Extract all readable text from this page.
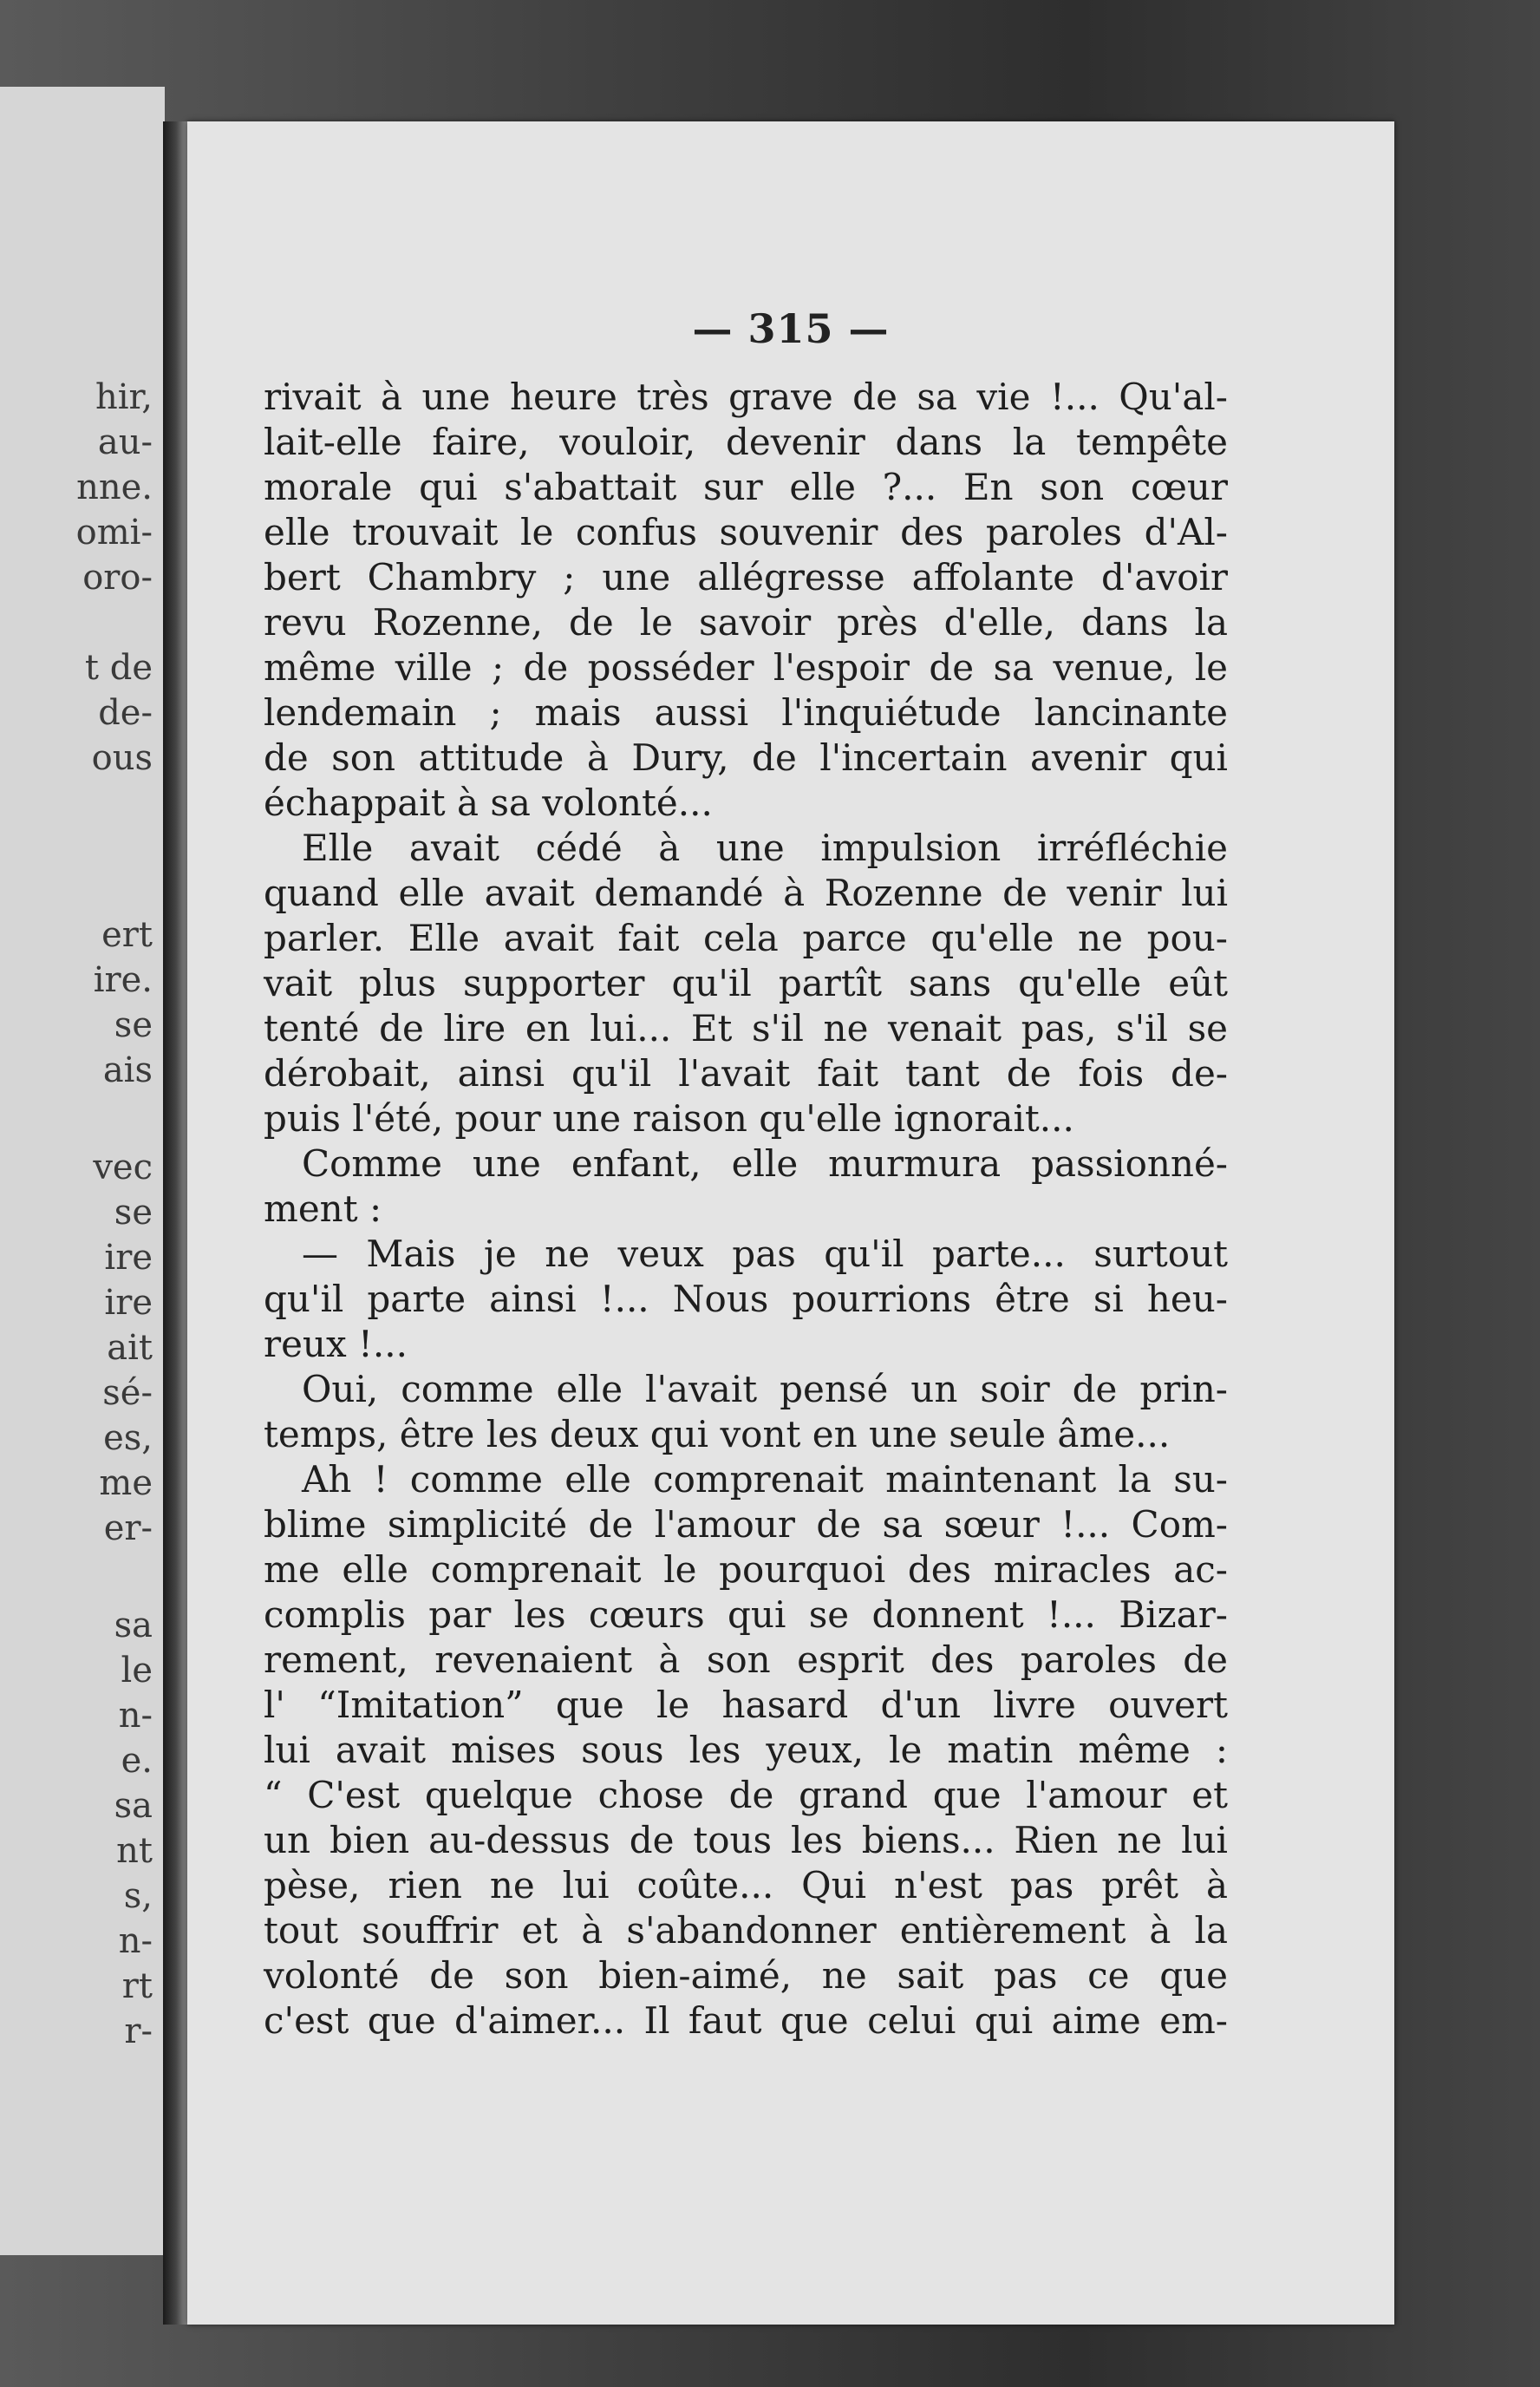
hir,
au-
nne.
omi-
oro-
t de
de-
ous
ert
ire.
se
ais
vec
se
ire
ire
ait
sé-
es,
me
er-
sa
le
n-
e.
sa
nt
s,
n-
rt
r-
— 315 —
rivait à une heure très grave de sa vie !... Qu'al-
lait-elle faire, vouloir, devenir dans la tempête
morale qui s'abattait sur elle ?... En son cœur
elle trouvait le confus souvenir des paroles d'Al-
bert Chambry ; une allégresse affolante d'avoir
revu Rozenne, de le savoir près d'elle, dans la
même ville ; de posséder l'espoir de sa venue, le
lendemain ; mais aussi l'inquiétude lancinante
de son attitude à Dury, de l'incertain avenir qui
échappait à sa volonté...
Elle avait cédé à une impulsion irréfléchie
quand elle avait demandé à Rozenne de venir lui
parler. Elle avait fait cela parce qu'elle ne pou-
vait plus supporter qu'il partît sans qu'elle eût
tenté de lire en lui... Et s'il ne venait pas, s'il se
dérobait, ainsi qu'il l'avait fait tant de fois de-
puis l'été, pour une raison qu'elle ignorait...
Comme une enfant, elle murmura passionné-
ment :
— Mais je ne veux pas qu'il parte... surtout
qu'il parte ainsi !... Nous pourrions être si heu-
reux !...
Oui, comme elle l'avait pensé un soir de prin-
temps, être les deux qui vont en une seule âme...
Ah ! comme elle comprenait maintenant la su-
blime simplicité de l'amour de sa sœur !... Com-
me elle comprenait le pourquoi des miracles ac-
complis par les cœurs qui se donnent !... Bizar-
rement, revenaient à son esprit des paroles de
l' “Imitation” que le hasard d'un livre ouvert
lui avait mises sous les yeux, le matin même :
“ C'est quelque chose de grand que l'amour et
un bien au-dessus de tous les biens... Rien ne lui
pèse, rien ne lui coûte... Qui n'est pas prêt à
tout souffrir et à s'abandonner entièrement à la
volonté de son bien-aimé, ne sait pas ce que
c'est que d'aimer... Il faut que celui qui aime em-
